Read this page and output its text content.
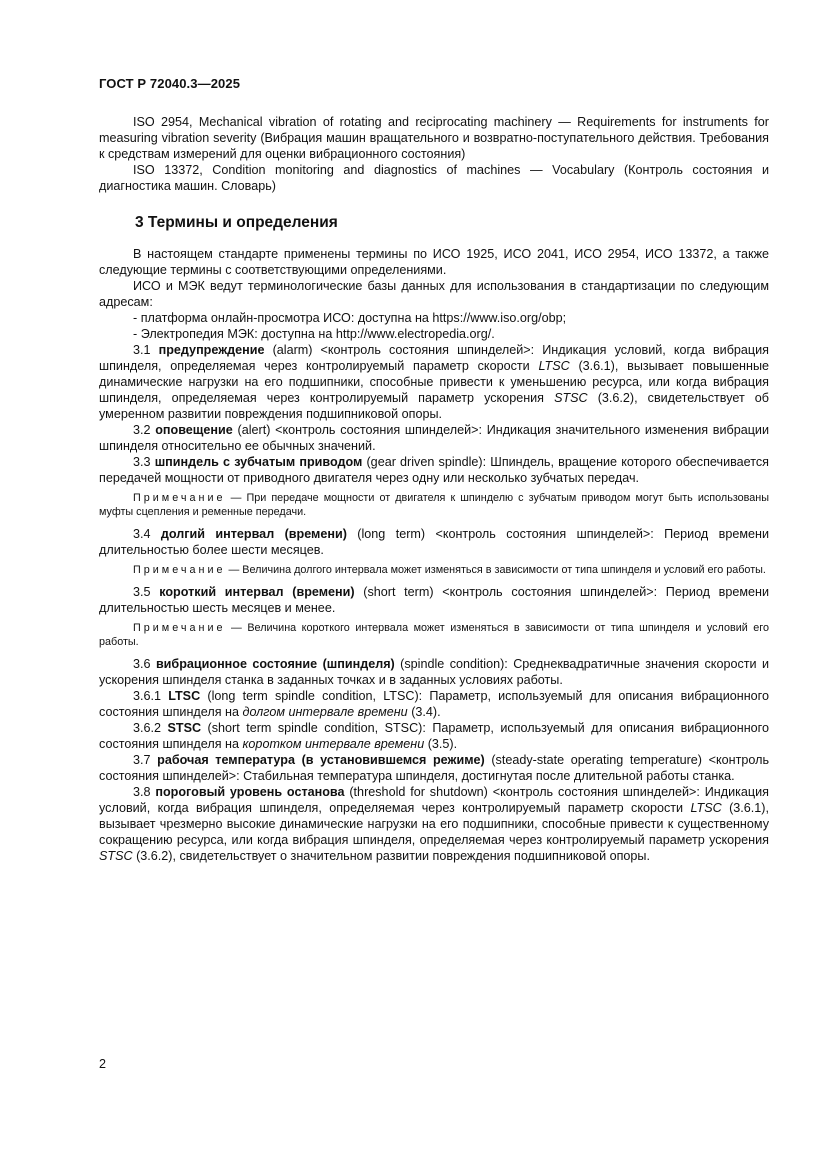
ГОСТ Р 72040.3—2025

ISO 2954, Mechanical vibration of rotating and reciprocating machinery — Requirements for instruments for measuring vibration severity (Вибрация машин вращательного и возвратно-поступательного действия. Требования к средствам измерений для оценки вибрационного состояния)

ISO 13372, Condition monitoring and diagnostics of machines — Vocabulary (Контроль состояния и диагностика машин. Словарь)

3 Термины и определения

В настоящем стандарте применены термины по ИСО 1925, ИСО 2041, ИСО 2954, ИСО 13372, а также следующие термины с соответствующими определениями.

ИСО и МЭК ведут терминологические базы данных для использования в стандартизации по следующим адресам:

- платформа онлайн-просмотра ИСО: доступна на https://www.iso.org/obp;

- Электропедия МЭК: доступна на http://www.electropedia.org/.

3.1 предупреждение (alarm) <контроль состояния шпинделей>: Индикация условий, когда вибрация шпинделя, определяемая через контролируемый параметр скорости LTSC (3.6.1), вызывает повышенные динамические нагрузки на его подшипники, способные привести к уменьшению ресурса, или когда вибрация шпинделя, определяемая через контролируемый параметр ускорения STSC (3.6.2), свидетельствует об умеренном развитии повреждения подшипниковой опоры.

3.2 оповещение (alert) <контроль состояния шпинделей>: Индикация значительного изменения вибрации шпинделя относительно ее обычных значений.

3.3 шпиндель с зубчатым приводом (gear driven spindle): Шпиндель, вращение которого обеспечивается передачей мощности от приводного двигателя через одну или несколько зубчатых передач.

Примечание — При передаче мощности от двигателя к шпинделю с зубчатым приводом могут быть использованы муфты сцепления и ременные передачи.

3.4 долгий интервал (времени) (long term) <контроль состояния шпинделей>: Период времени длительностью более шести месяцев.

Примечание — Величина долгого интервала может изменяться в зависимости от типа шпинделя и условий его работы.

3.5 короткий интервал (времени) (short term) <контроль состояния шпинделей>: Период времени длительностью шесть месяцев и менее.

Примечание — Величина короткого интервала может изменяться в зависимости от типа шпинделя и условий его работы.

3.6 вибрационное состояние (шпинделя) (spindle condition): Среднеквадратичные значения скорости и ускорения шпинделя станка в заданных точках и в заданных условиях работы.

3.6.1 LTSC (long term spindle condition, LTSC): Параметр, используемый для описания вибрационного состояния шпинделя на долгом интервале времени (3.4).

3.6.2 STSC (short term spindle condition, STSC): Параметр, используемый для описания вибрационного состояния шпинделя на коротком интервале времени (3.5).

3.7 рабочая температура (в установившемся режиме) (steady-state operating temperature) <контроль состояния шпинделей>: Стабильная температура шпинделя, достигнутая после длительной работы станка.

3.8 пороговый уровень останова (threshold for shutdown) <контроль состояния шпинделей>: Индикация условий, когда вибрация шпинделя, определяемая через контролируемый параметр скорости LTSC (3.6.1), вызывает чрезмерно высокие динамические нагрузки на его подшипники, способные привести к существенному сокращению ресурса, или когда вибрация шпинделя, определяемая через контролируемый параметр ускорения STSC (3.6.2), свидетельствует о значительном развитии повреждения подшипниковой опоры.

2
